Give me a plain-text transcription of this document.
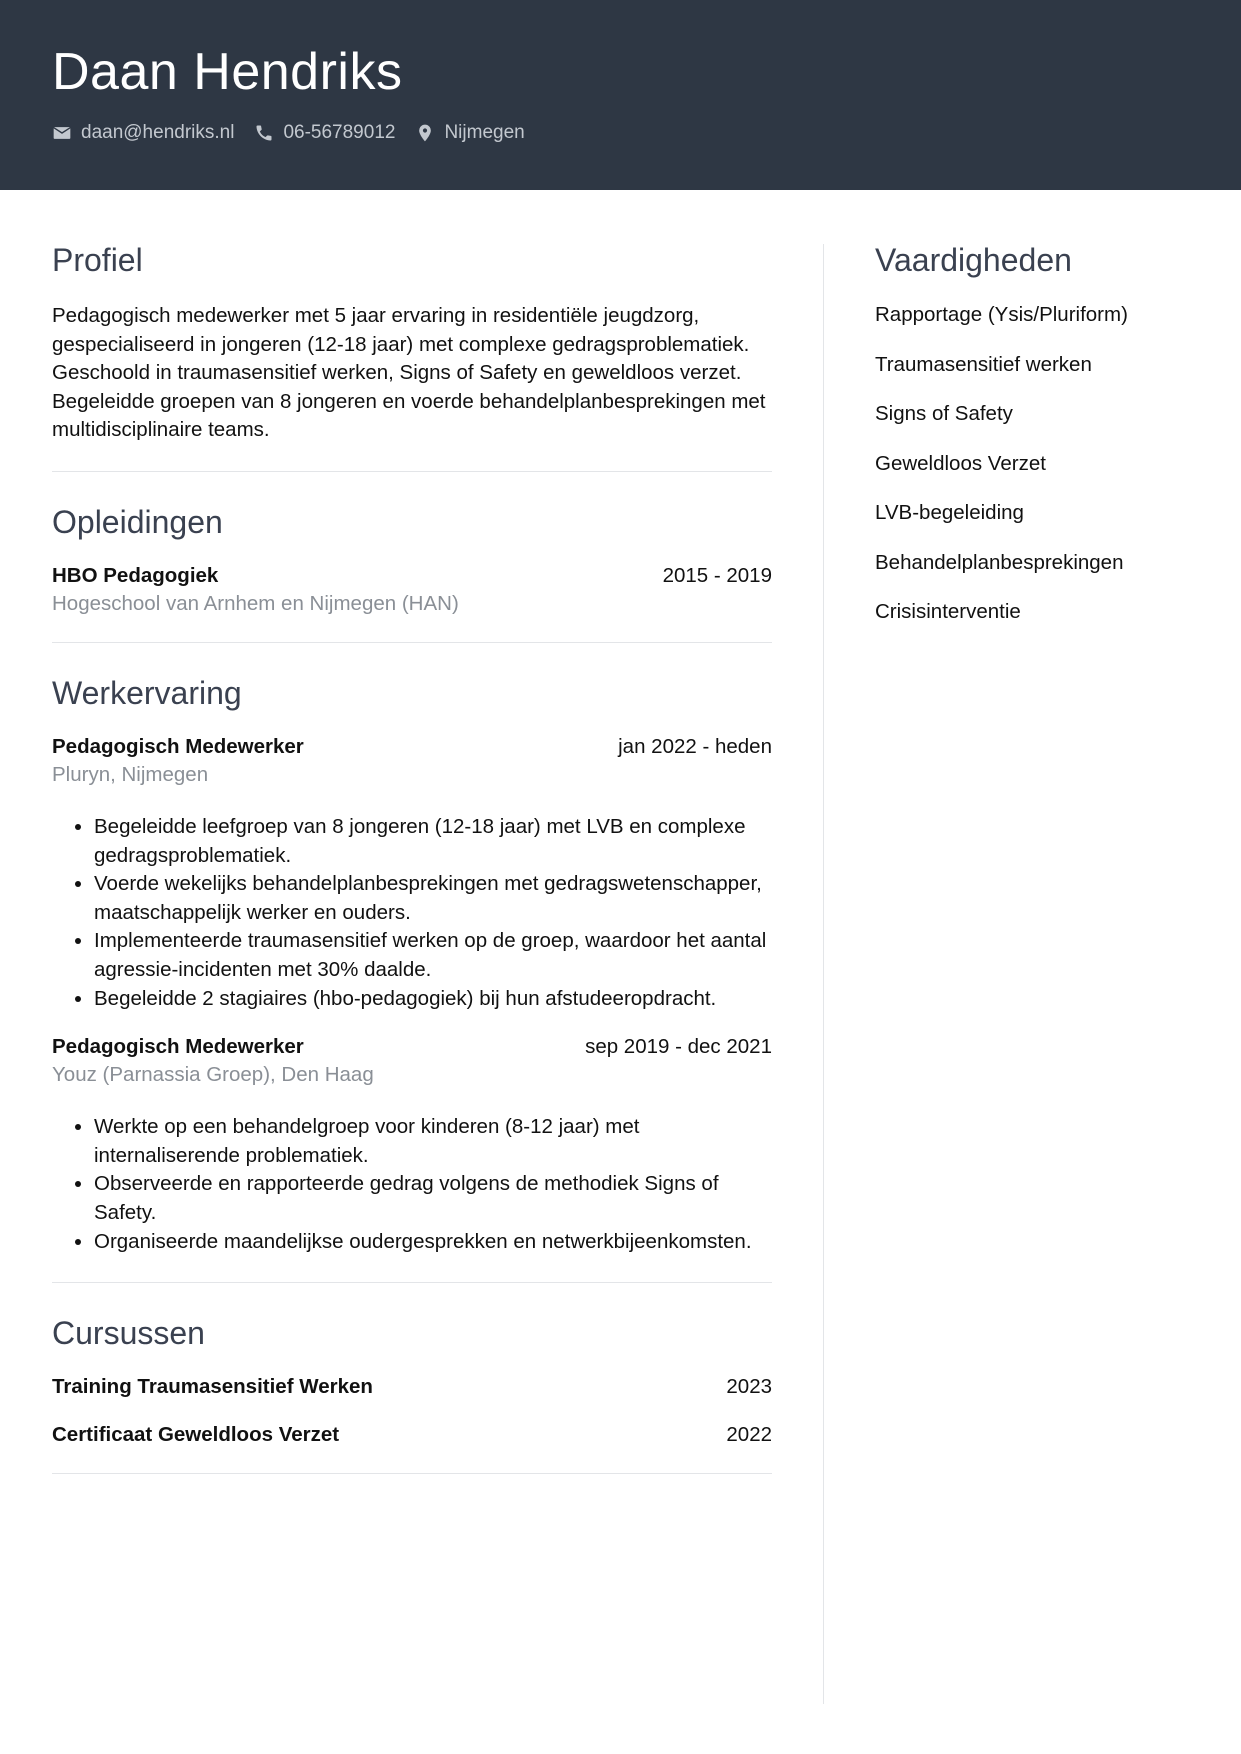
Daan Hendriks
daan@hendriks.nl	06-56789012	Nijmegen
Profiel

Pedagogisch medewerker met 5 jaar ervaring in residentiële jeugdzorg, gespecialiseerd in jongeren (12-18 jaar) met complexe gedragsproblematiek. Geschoold in traumasensitief werken, Signs of Safety en geweldloos verzet. Begeleidde groepen van 8 jongeren en voerde behandelplanbesprekingen met multidisciplinaire teams.

Opleidingen
HBO Pedagogiek	2015 - 2019
Hogeschool van Arnhem en Nijmegen (HAN)
Werkervaring
Pedagogisch Medewerker	jan 2022 - heden
Pluryn, Nijmegen
• Begeleidde leefgroep van 8 jongeren (12-18 jaar) met LVB en complexe gedragsproblematiek.
• Voerde wekelijks behandelplanbesprekingen met gedragswetenschapper, maatschappelijk werker en ouders.
• Implementeerde traumasensitief werken op de groep, waardoor het aantal agressie-incidenten met 30% daalde.
• Begeleidde 2 stagiaires (hbo-pedagogiek) bij hun afstudeeropdracht.
Pedagogisch Medewerker	sep 2019 - dec 2021
Youz (Parnassia Groep), Den Haag
• Werkte op een behandelgroep voor kinderen (8-12 jaar) met internaliserende problematiek.
• Observeerde en rapporteerde gedrag volgens de methodiek Signs of Safety.
• Organiseerde maandelijkse oudergesprekken en netwerkbijeenkomsten.
Cursussen
Training Traumasensitief Werken	2023
Certificaat Geweldloos Verzet	2022
Vaardigheden
Rapportage (Ysis/Pluriform)
Traumasensitief werken
Signs of Safety
Geweldloos Verzet
LVB-begeleiding
Behandelplanbesprekingen
Crisisinterventie
